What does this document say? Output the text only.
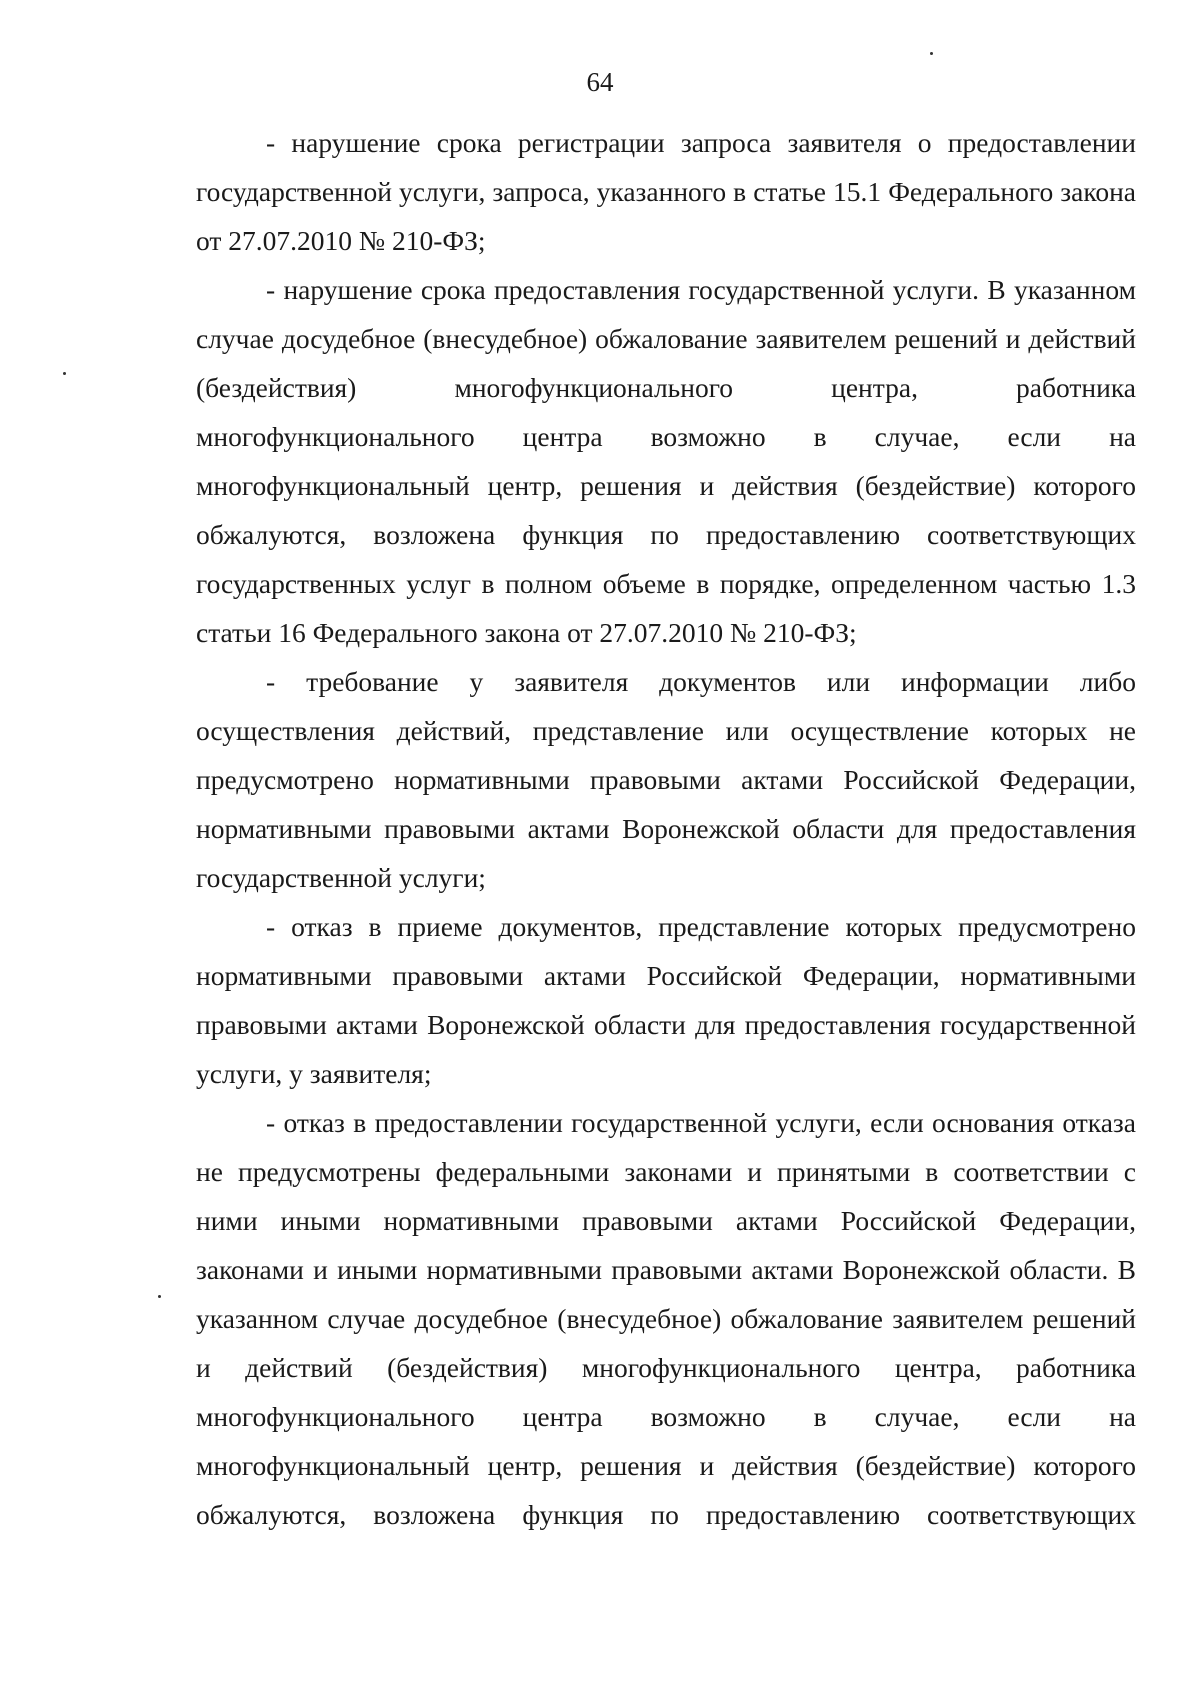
64

- нарушение срока регистрации запроса заявителя о предоставлении государственной услуги, запроса, указанного в статье 15.1 Федерального закона от 27.07.2010 № 210-ФЗ;

- нарушение срока предоставления государственной услуги. В указанном случае досудебное (внесудебное) обжалование заявителем решений и действий (бездействия) многофункционального центра, работника многофункционального центра возможно в случае, если на многофункциональный центр, решения и действия (бездействие) которого обжалуются, возложена функция по предоставлению соответствующих государственных услуг в полном объеме в порядке, определенном частью 1.3 статьи 16 Федерального закона от 27.07.2010 № 210-ФЗ;

- требование у заявителя документов или информации либо осуществления действий, представление или осуществление которых не предусмотрено нормативными правовыми актами Российской Федерации, нормативными правовыми актами Воронежской области для предоставления государственной услуги;

- отказ в приеме документов, представление которых предусмотрено нормативными правовыми актами Российской Федерации, нормативными правовыми актами Воронежской области для предоставления государственной услуги, у заявителя;

- отказ в предоставлении государственной услуги, если основания отказа не предусмотрены федеральными законами и принятыми в соответствии с ними иными нормативными правовыми актами Российской Федерации, законами и иными нормативными правовыми актами Воронежской области. В указанном случае досудебное (внесудебное) обжалование заявителем решений и действий (бездействия) многофункционального центра, работника многофункционального центра возможно в случае, если на многофункциональный центр, решения и действия (бездействие) которого обжалуются, возложена функция по предоставлению соответствующих
